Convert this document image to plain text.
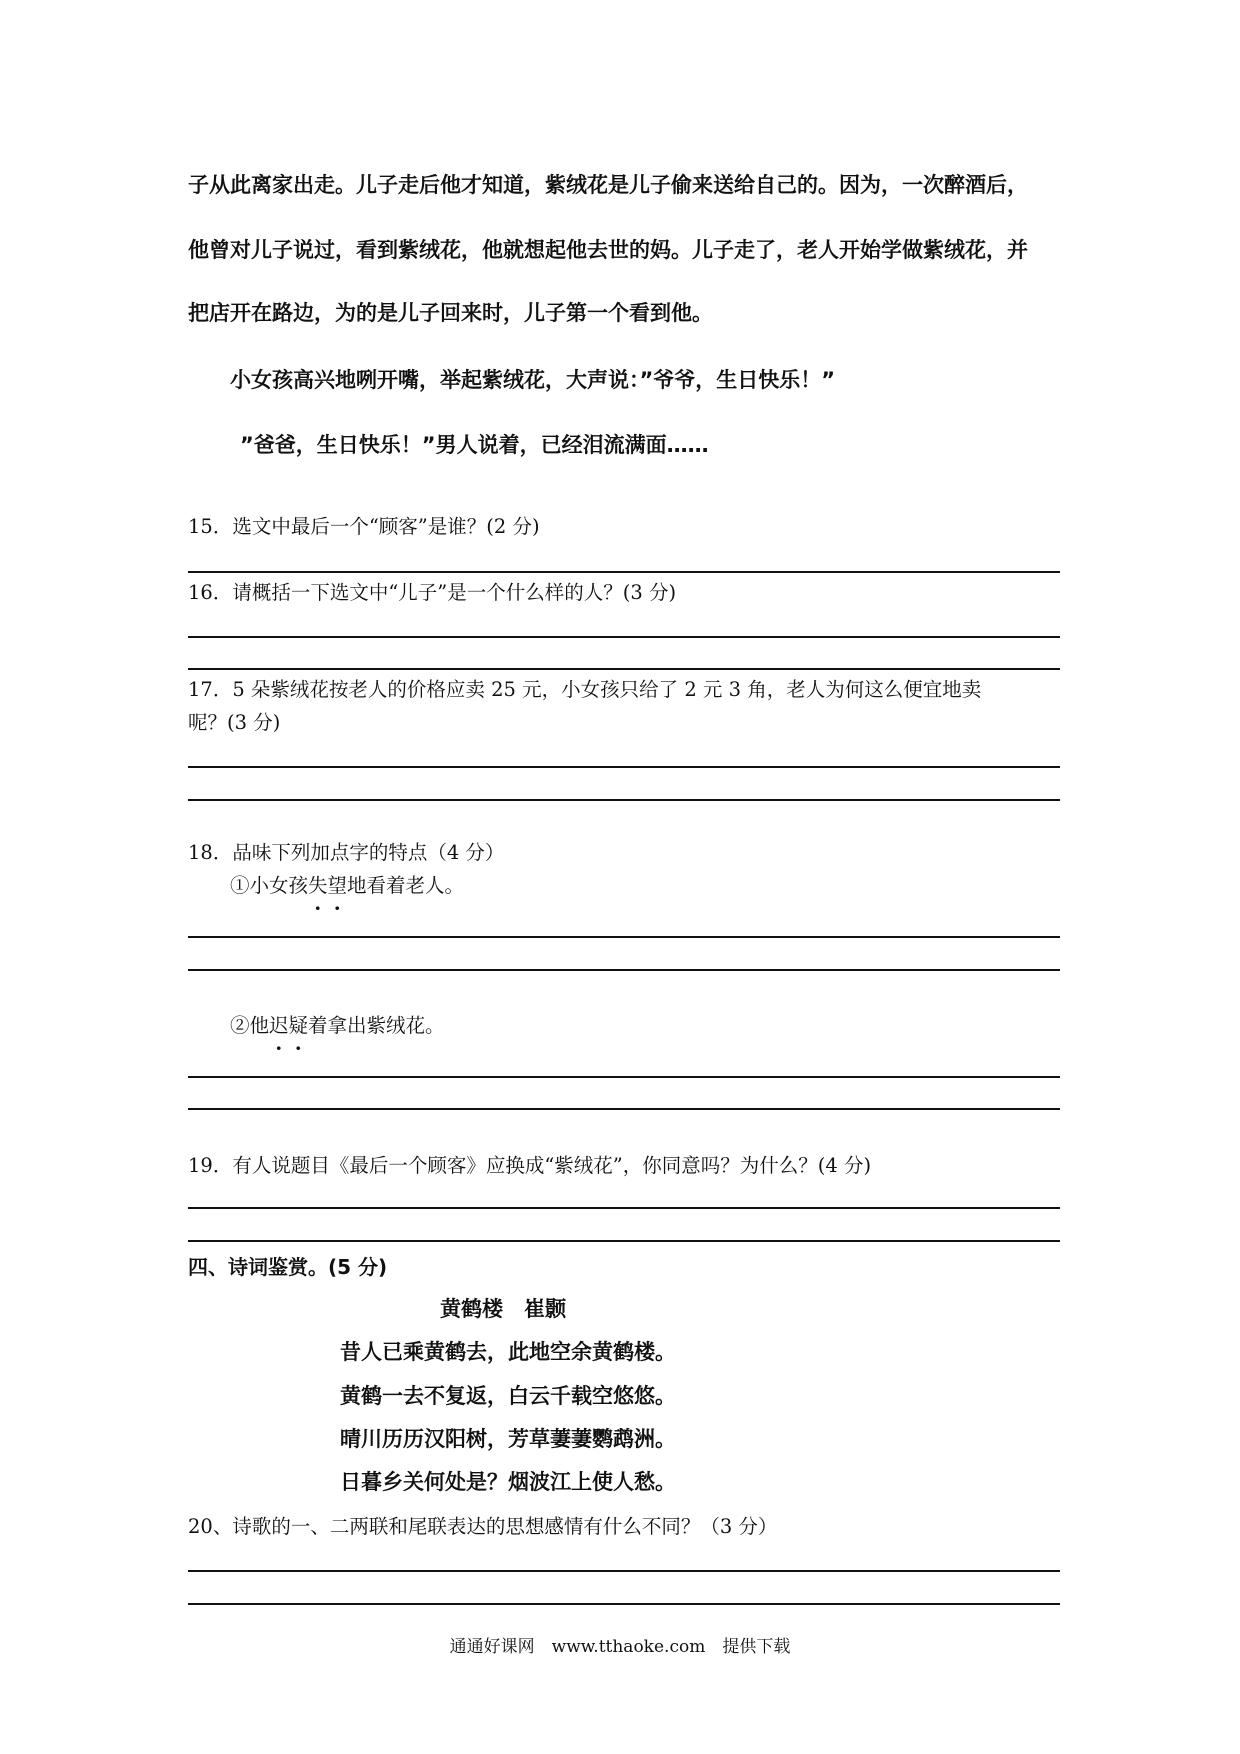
子从此离家出走。儿子走后他才知道，紫绒花是儿子偷来送给自己的。因为，一次醉酒后，
他曾对儿子说过，看到紫绒花，他就想起他去世的妈。儿子走了，老人开始学做紫绒花，并
把店开在路边，为的是儿子回来时，儿子第一个看到他。
小女孩高兴地咧开嘴，举起紫绒花，大声说：”爷爷，生日快乐！”
”爸爸，生日快乐！”男人说着，已经泪流满面……
15．选文中最后一个“顾客”是谁？(2 分)
16．请概括一下选文中“儿子”是一个什么样的人？(3 分)
17．5 朵紫绒花按老人的价格应卖 25 元，小女孩只给了 2 元 3 角，老人为何这么便宜地卖
呢？(3 分)
18．品味下列加点字的特点（4 分）
①小女孩失望地看着老人。
②他迟疑着拿出紫绒花。
19．有人说题目《最后一个顾客》应换成“紫绒花”，你同意吗？为什么？(4 分)
四、诗词鉴赏。(5 分)
黄鹤楼　崔颢
昔人已乘黄鹤去，此地空余黄鹤楼。
黄鹤一去不复返，白云千载空悠悠。
晴川历历汉阳树，芳草萋萋鹦鹉洲。
日暮乡关何处是？烟波江上使人愁。
20、诗歌的一、二两联和尾联表达的思想感情有什么不同？（3 分）
通通好课网　www.tthaoke.com　提供下载
